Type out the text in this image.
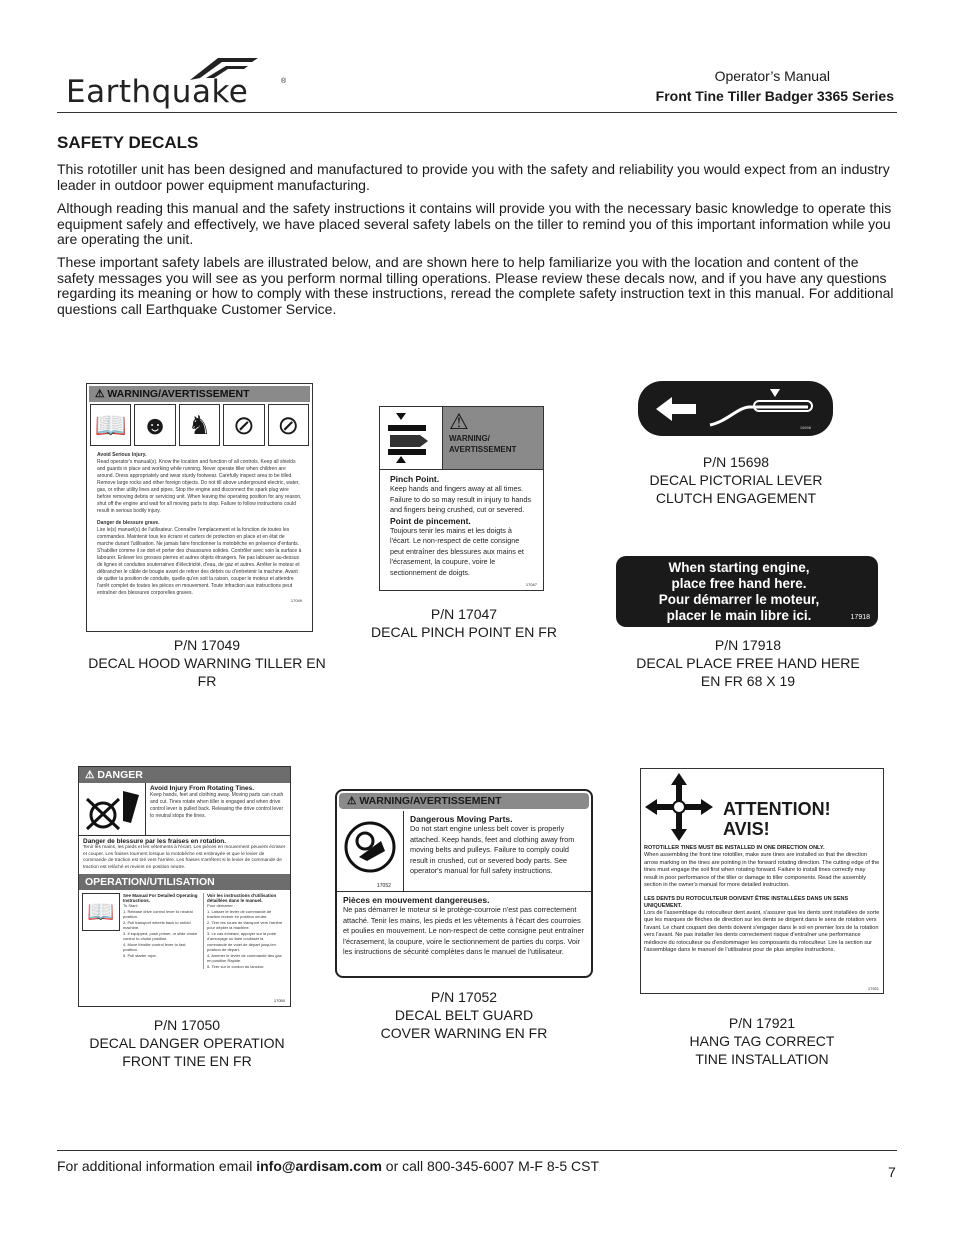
Earthquake	®	Operator’s Manual
Front Tine Tiller Badger 3365 Series
SAFETY DECALS

This rototiller unit has been designed and manufactured to provide you with the safety and reliability you would expect from an industry leader in outdoor power equipment manufacturing.

Although reading this manual and the safety instructions it contains will provide you with the necessary basic knowledge to operate this equipment safely and effectively, we have placed several safety labels on the tiller to remind you of this important information while you are operating the unit.

These important safety labels are illustrated below, and are shown here to help familiarize you with the location and content of the safety messages you will see as you perform normal tilling operations. Please review these decals now, and if you have any questions regarding its meaning or how to comply with these instructions, reread the complete safety instruction text in this manual. For additional questions call Earthquake Customer Service.

⚠ WARNING/AVERTISSEMENT
📖 ☻ ♞ ⊘ ⊘
Avoid Serious Injury.
Read operator's manual(s). Know the location and function of all controls. Keep all shields and guards in place and working while running. Never operate tiller when children are around. Dress appropriately and wear sturdy footwear. Carefully inspect area to be tilled. Remove large rocks and other foreign objects. Do not till above underground electric, water, gas, or other utility lines and pipes. Stop the engine and disconnect the spark plug wire before removing debris or servicing unit. When leaving the operating position for any reason, shut off the engine and wait for all moving parts to stop. Failure to follow instructions could result in serious bodily injury.
Danger de blessure grave.
Lire le(s) manuel(s) de l'utilisateur. Connaître l'emplacement et la fonction de toutes les commandes. Maintenir tous les écrans et carters de protection en place et en état de marche durant l'utilisation. Ne jamais faire fonctionner la motobêche en présence d'enfants. S'habiller comme il se doit et porter des chaussures solides. Contrôler avec soin la surface à labourer. Enlever les grosses pierres et autres objets étrangers. Ne pas labourer au-dessus de lignes et conduites souterraines d'électricité, d'eau, de gaz et autres. Arrêter le moteur et débrancher le câble de bougie avant de retirer des débris ou d'entretenir la machine. Avant de quitter la position de conduite, quelle qu'en soit la raison, couper le moteur et attendre l'arrêt complet de toutes les pièces en mouvement. Toute infraction aux instructions peut entraîner des blessures corporelles graves.
17049
P/N 17049
DECAL HOOD WARNING TILLER EN FR
⚠
WARNING/ AVERTISSEMENT
Pinch Point.
Keep hands and fingers away at all times. Failure to do so may result in injury to hands and fingers being crushed, cut or severed.
Point de pincement.
Toujours tenir les mains et les doigts à l'écart. Le non-respect de cette consigne peut entraîner des blessures aux mains et l'écrasement, la coupure, voire le sectionnement de doigts.
17047
P/N 17047
DECAL PINCH POINT EN FR
15698
P/N 15698
DECAL PICTORIAL LEVER
CLUTCH ENGAGEMENT
When starting engine,
place free hand here.
Pour démarrer le moteur,
placer le main libre ici.	17918
P/N 17918
DECAL PLACE FREE HAND HERE
EN FR 68 X 19
⚠ DANGER
Avoid Injury From Rotating Tines.
Keep hands, feet and clothing away. Moving parts can crush and cut. Tines rotate when tiller is engaged and when drive control lever is pulled back. Releasing the drive control lever to neutral stops the tines.
Danger de blessure par les fraises en rotation.
Tenir les mains, les pieds et les vêtements à l'écart. Les pièces en mouvement peuvent écraser et couper. Les fraises tournent lorsque la motobêche est embrayée et que le levier de commande de traction est tiré vers l'arrière. Les fraises s'arrêtent si le levier de commande de traction est relâché et revient en position neutre.
OPERATION/UTILISATION
📖
See Manual For Detailed Operating Instructions.
To Start:
1. Release drive control lever to neutral position.
2. Pull transport wheels back to unfold machine.
3. If equipped, push primer, or slide choke control to choke position.
4. Move throttle control lever to fast position.
5. Pull starter rope.
Voir les instructions d'utilisation détaillées dans le manuel.
Pour démarrer :
1. Laisser le levier de commande de traction revenir en position neutre.
2. Tirer les roues de transport vers l'arrière pour déplier la machine.
3. Le cas échéant, appuyer sur la poire d'amorçage ou faire coulisser la commande de volet de départ jusqu'en position de départ.
4. Amener le levier de commande des gaz en position Rapide.
5. Tirer sur le cordon du lanceur.
17050
P/N 17050
DECAL DANGER OPERATION
FRONT TINE EN FR
⚠ WARNING/AVERTISSEMENT
17052
Dangerous Moving Parts.
Do not start engine unless belt cover is properly attached. Keep hands, feet and clothing away from moving belts and pulleys. Failure to comply could result in crushed, cut or severed body parts. See operator's manual for full safety instructions.
Pièces en mouvement dangereuses.
Ne pas démarrer le moteur si le protège-courroie n'est pas correctement attaché. Tenir les mains, les pieds et les vêtements à l'écart des courroies et poulies en mouvement. Le non-respect de cette consigne peut entraîner l'écrasement, la coupure, voire le sectionnement de parties du corps. Voir les instructions de sécurité complètes dans le manuel de l'utilisateur.
P/N 17052
DECAL BELT GUARD
COVER WARNING EN FR
ATTENTION!
AVIS!
ROTOTILLER TINES MUST BE INSTALLED IN ONE DIRECTION ONLY.
When assembling the front tine rototiller, make sure tines are installed so that the direction arrow marking on the tines are pointing in the forward rotating direction. The cutting edge of the tines must engage the soil first when rotating forward. Failure to install tines correctly may result in poor performance of the tiller or damage to tiller components. Read the assembly section in the owner's manual for more detailed instruction.
LES DENTS DU ROTOCULTEUR DOIVENT ÊTRE INSTALLÉES DANS UN SENS UNIQUEMENT.
Lors de l'assemblage du rotoculteur dent avant, s'assurer que les dents sont installées de sorte que les marques de flèches de direction sur les dents se dirigent dans le sens de rotation vers l'avant. Le chant coupant des dents doivent s'engager dans le sol en premier lors de la rotation vers l'avant. Ne pas installer les dents correctement risque d'entraîner une performance médiocre du rotoculteur ou d'endommager les composants du rotoculteur. Lire la section sur l'assemblage dans le manuel de l'utilisateur pour de plus amples instructions.
17921
P/N 17921
HANG TAG CORRECT
TINE INSTALLATION
For additional information email info@ardisam.com or call 800-345-6007 M-F 8-5 CST	7
